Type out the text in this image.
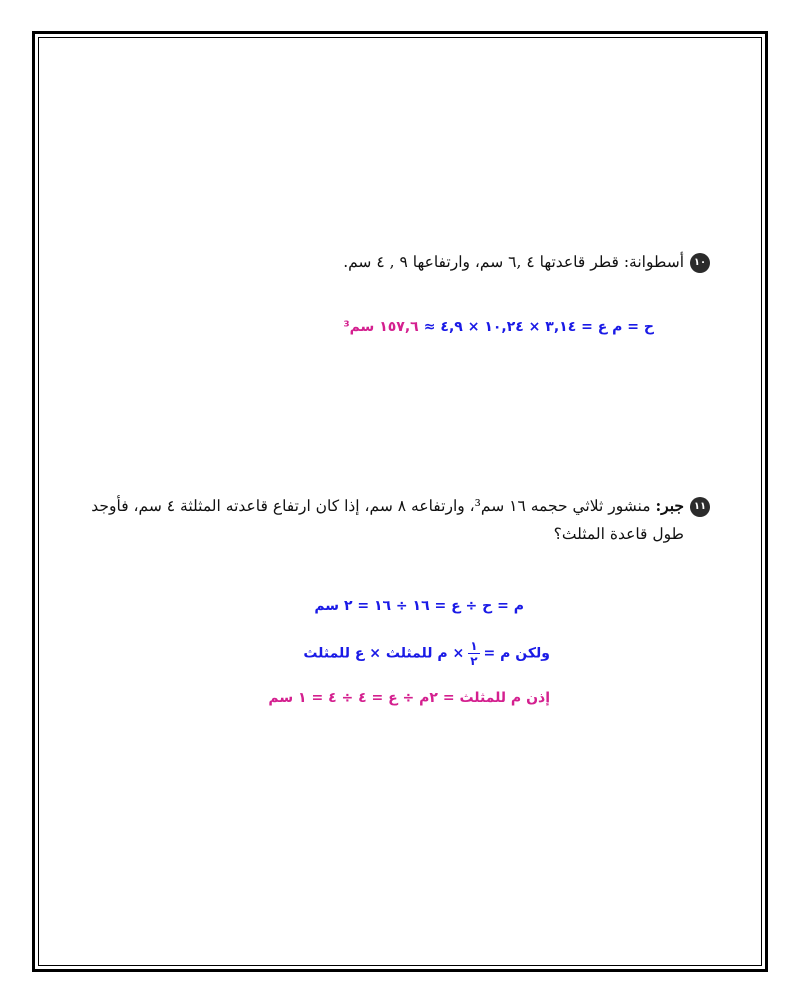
١٠أسطوانة: قطر قاعدتها ٤ ,٦ سم، وارتفاعها ٩ , ٤ سم.
ح = م ع = ٣,١٤ × ١٠,٢٤ × ٤,٩ ≈ ١٥٧,٦ سم³
١١جبر: منشور ثلاثي حجمه ١٦ سم³، وارتفاعه ٨ سم، إذا كان ارتفاع قاعدته المثلثة ٤ سم، فأوجد
طول قاعدة المثلث؟
م = ح ÷ ع = ١٦ ÷ ١٦ = ٢ سم
ولكن م =
$\frac{١}{٢}$
× م للمثلث × ع للمثلث
إذن م للمثلث = ٢م ÷ ع = ٤ ÷ ٤ = ١ سم
